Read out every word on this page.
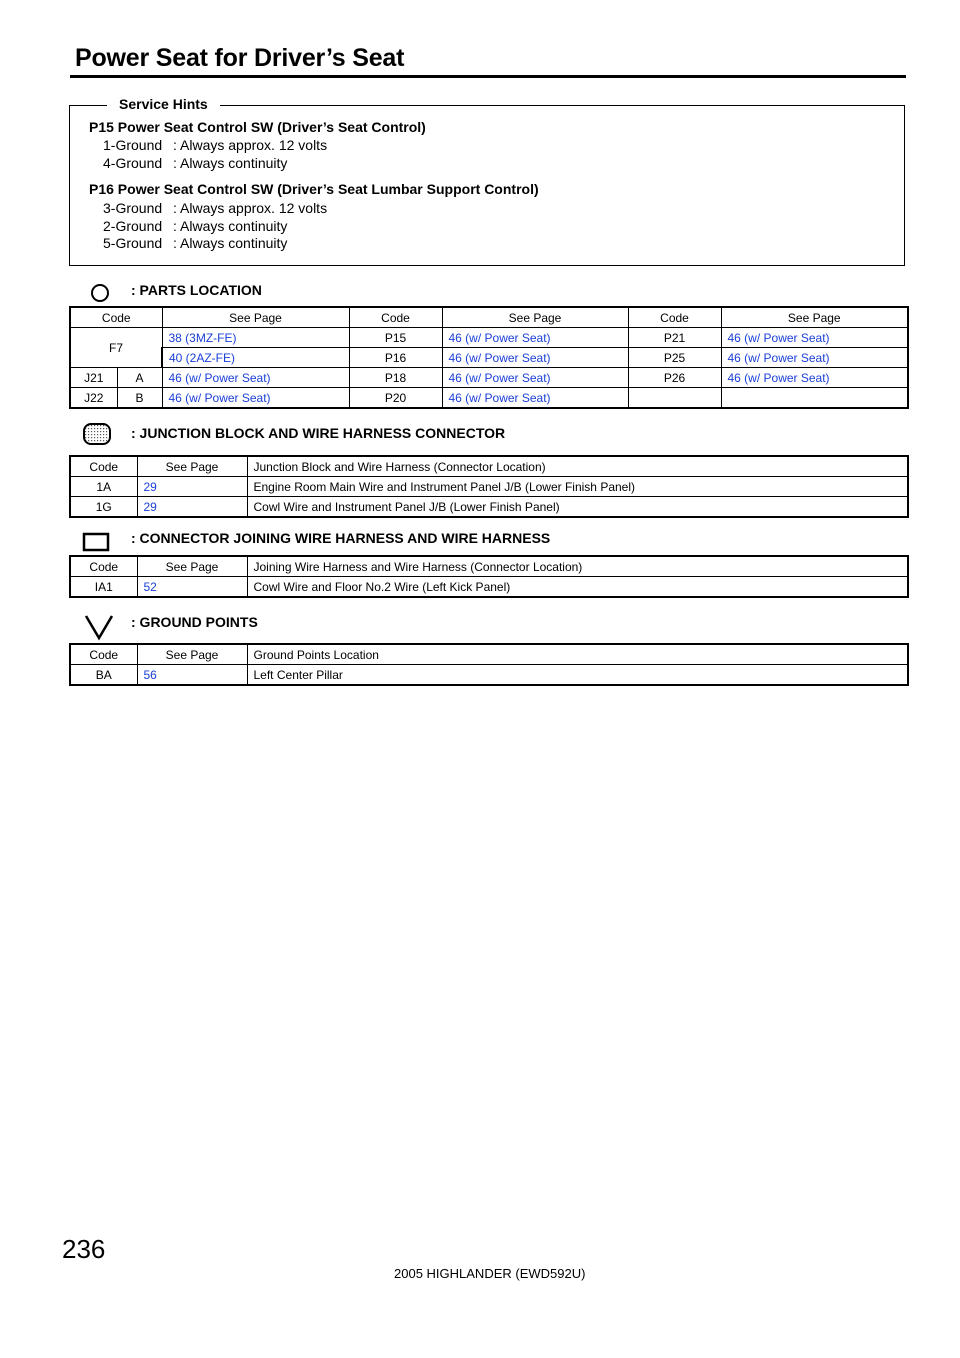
Power Seat for Driver’s Seat
Service Hints
P15 Power Seat Control SW (Driver’s Seat Control)
1-Ground : Always approx. 12 volts
4-Ground : Always continuity
P16 Power Seat Control SW (Driver’s Seat Lumbar Support Control)
3-Ground : Always approx. 12 volts
2-Ground : Always continuity
5-Ground : Always continuity
: PARTS LOCATION
Code		See Page	Code	See Page	Code	See Page
F7		38 (3MZ-FE)	P15	46 (w/ Power Seat)	P21	46 (w/ Power Seat)
		40 (2AZ-FE)	P16	46 (w/ Power Seat)	P25	46 (w/ Power Seat)
J21	A	46 (w/ Power Seat)	P18	46 (w/ Power Seat)	P26	46 (w/ Power Seat)
J22	B	46 (w/ Power Seat)	P20	46 (w/ Power Seat)		
: JUNCTION BLOCK AND WIRE HARNESS CONNECTOR
Code	See Page	Junction Block and Wire Harness (Connector Location)
1A	29	Engine Room Main Wire and Instrument Panel J/B (Lower Finish Panel)
1G	29	Cowl Wire and Instrument Panel J/B (Lower Finish Panel)
: CONNECTOR JOINING WIRE HARNESS AND WIRE HARNESS
Code	See Page	Joining Wire Harness and Wire Harness (Connector Location)
IA1	52	Cowl Wire and Floor No.2 Wire (Left Kick Panel)
: GROUND POINTS
Code	See Page	Ground Points Location
BA	56	Left Center Pillar
236
2005 HIGHLANDER (EWD592U)
